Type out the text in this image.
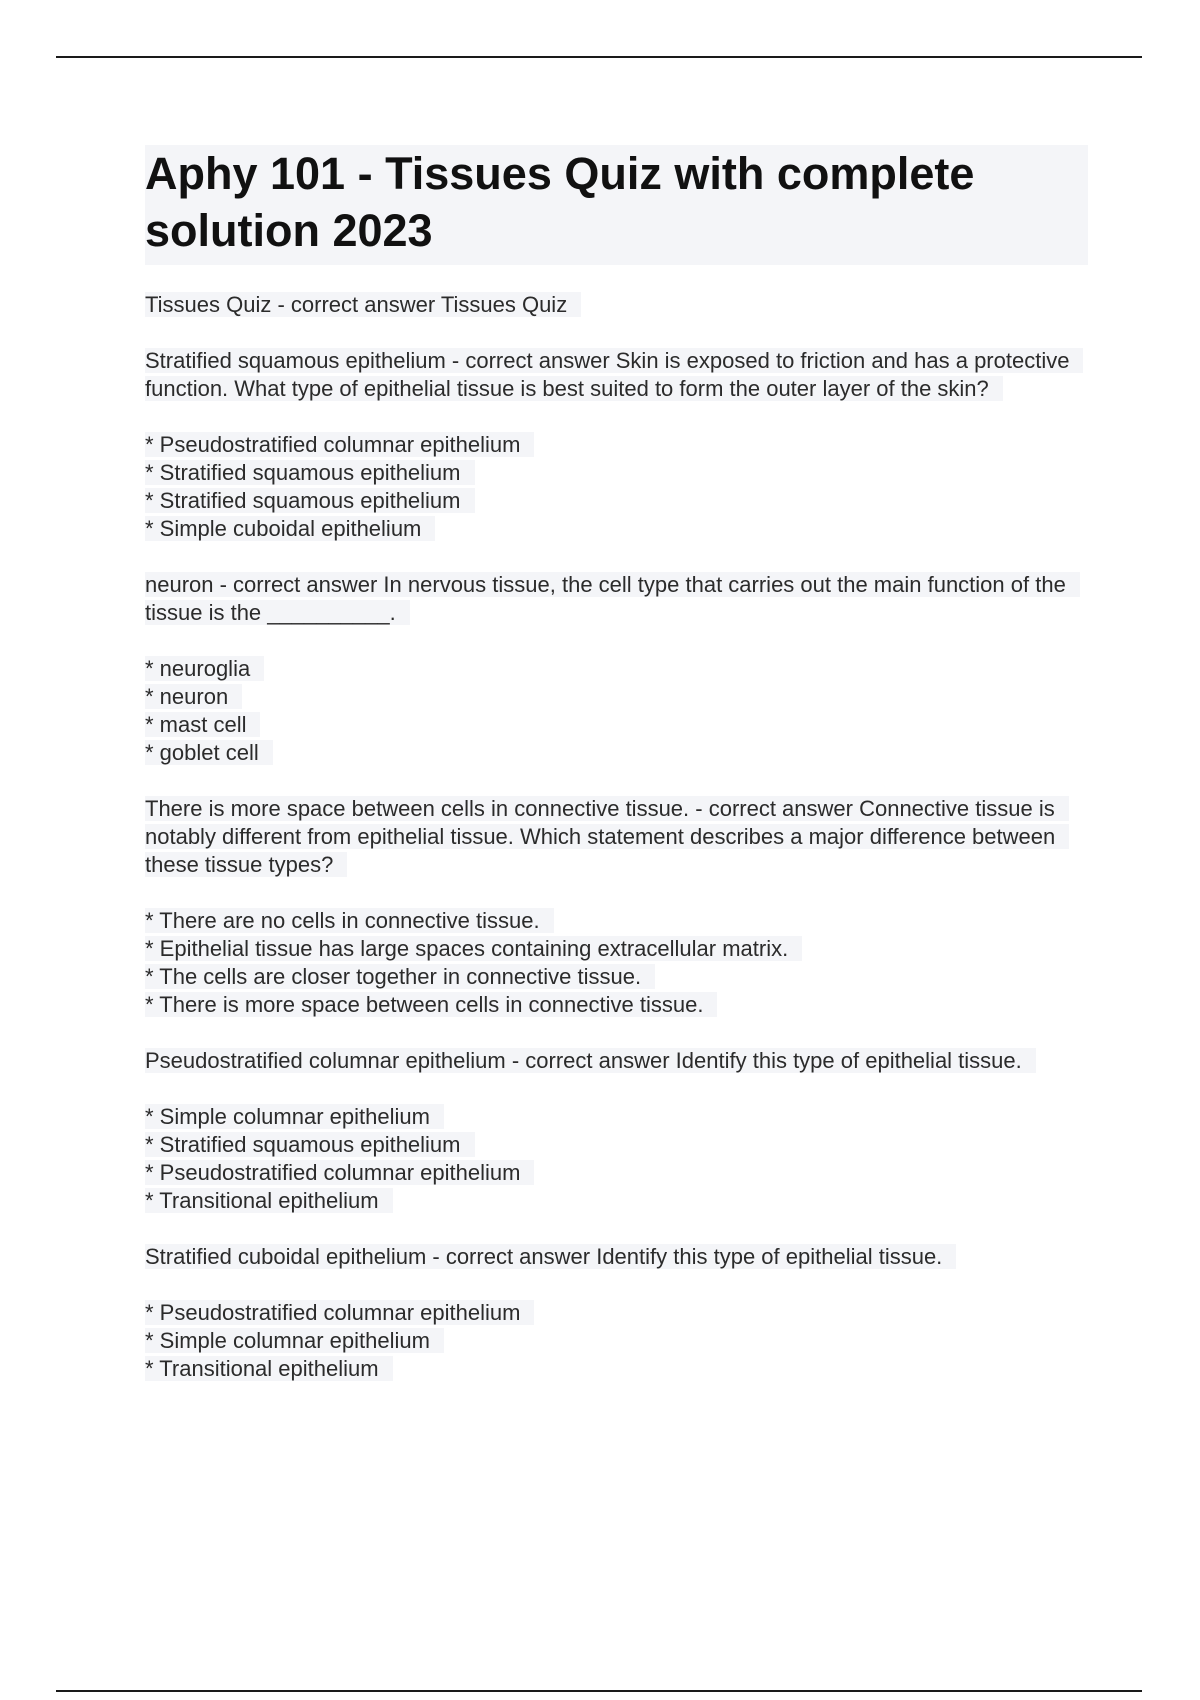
Aphy 101 - Tissues Quiz with complete solution 2023

Tissues Quiz - correct answer Tissues Quiz

Stratified squamous epithelium - correct answer Skin is exposed to friction and has a protective function. What type of epithelial tissue is best suited to form the outer layer of the skin?

* Pseudostratified columnar epithelium
* Stratified squamous epithelium
* Stratified squamous epithelium
* Simple cuboidal epithelium

neuron - correct answer In nervous tissue, the cell type that carries out the main function of the tissue is the __________.

* neuroglia
* neuron
* mast cell
* goblet cell

There is more space between cells in connective tissue. - correct answer Connective tissue is notably different from epithelial tissue. Which statement describes a major difference between these tissue types?

* There are no cells in connective tissue.
* Epithelial tissue has large spaces containing extracellular matrix.
* The cells are closer together in connective tissue.
* There is more space between cells in connective tissue.

Pseudostratified columnar epithelium - correct answer Identify this type of epithelial tissue.

* Simple columnar epithelium
* Stratified squamous epithelium
* Pseudostratified columnar epithelium
* Transitional epithelium

Stratified cuboidal epithelium - correct answer Identify this type of epithelial tissue.

* Pseudostratified columnar epithelium
* Simple columnar epithelium
* Transitional epithelium
